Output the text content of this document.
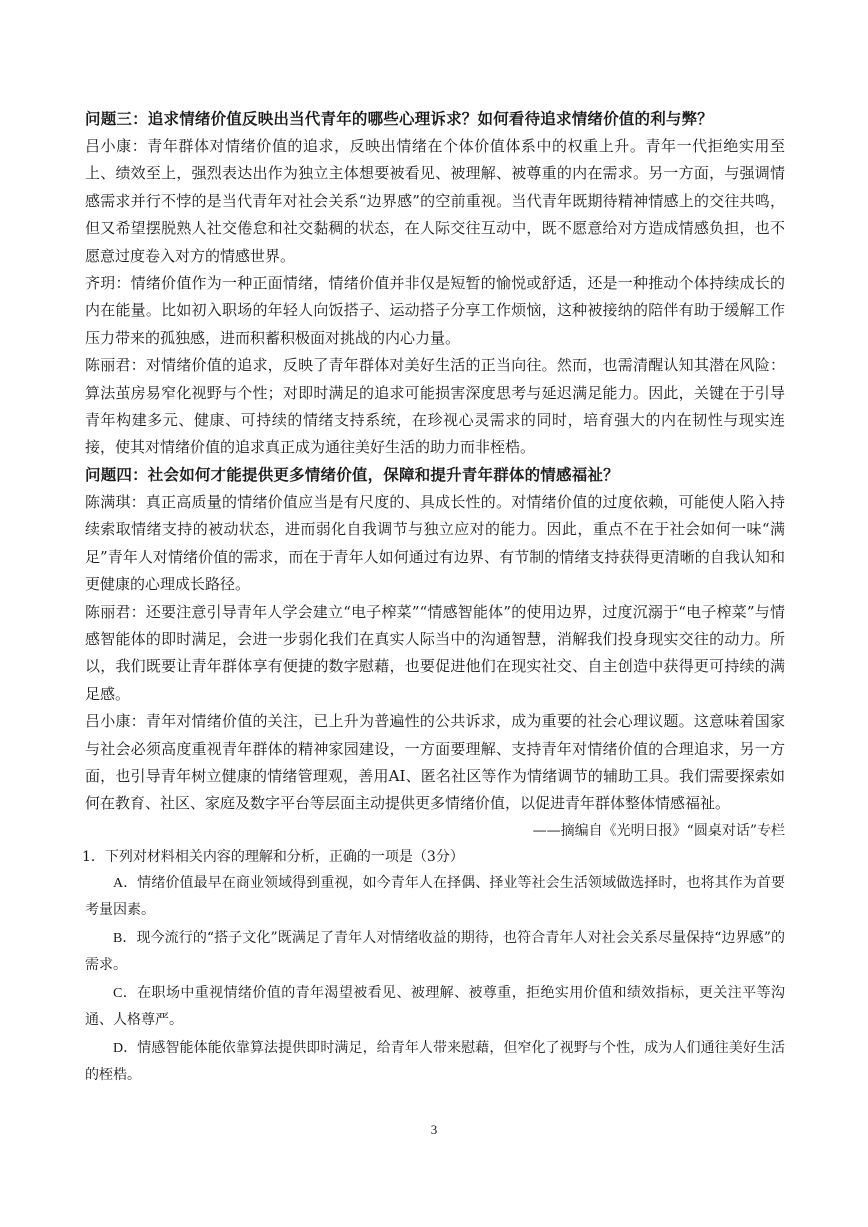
问题三：追求情绪价值反映出当代青年的哪些心理诉求？如何看待追求情绪价值的利与弊？

吕小康：青年群体对情绪价值的追求，反映出情绪在个体价值体系中的权重上升。青年一代拒绝实用至上、绩效至上，强烈表达出作为独立主体想要被看见、被理解、被尊重的内在需求。另一方面，与强调情感需求并行不悖的是当代青年对社会关系“边界感”的空前重视。当代青年既期待精神情感上的交往共鸣，但又希望摆脱熟人社交倦怠和社交黏稠的状态，在人际交往互动中，既不愿意给对方造成情感负担，也不愿意过度卷入对方的情感世界。

齐玥：情绪价值作为一种正面情绪，情绪价值并非仅是短暂的愉悦或舒适，还是一种推动个体持续成长的内在能量。比如初入职场的年轻人向饭搭子、运动搭子分享工作烦恼，这种被接纳的陪伴有助于缓解工作压力带来的孤独感，进而积蓄积极面对挑战的内心力量。

陈丽君：对情绪价值的追求，反映了青年群体对美好生活的正当向往。然而，也需清醒认知其潜在风险：算法茧房易窄化视野与个性；对即时满足的追求可能损害深度思考与延迟满足能力。因此，关键在于引导青年构建多元、健康、可持续的情绪支持系统，在珍视心灵需求的同时，培育强大的内在韧性与现实连接，使其对情绪价值的追求真正成为通往美好生活的助力而非桎梏。

问题四：社会如何才能提供更多情绪价值，保障和提升青年群体的情感福祉？

陈满琪：真正高质量的情绪价值应当是有尺度的、具成长性的。对情绪价值的过度依赖，可能使人陷入持续索取情绪支持的被动状态，进而弱化自我调节与独立应对的能力。因此，重点不在于社会如何一味“满足”青年人对情绪价值的需求，而在于青年人如何通过有边界、有节制的情绪支持获得更清晰的自我认知和更健康的心理成长路径。

陈丽君：还要注意引导青年人学会建立“电子榨菜”“情感智能体”的使用边界，过度沉溺于“电子榨菜”与情感智能体的即时满足，会进一步弱化我们在真实人际当中的沟通智慧，消解我们投身现实交往的动力。所以，我们既要让青年群体享有便捷的数字慰藉，也要促进他们在现实社交、自主创造中获得更可持续的满足感。

吕小康：青年对情绪价值的关注，已上升为普遍性的公共诉求，成为重要的社会心理议题。这意味着国家与社会必须高度重视青年群体的精神家园建设，一方面要理解、支持青年对情绪价值的合理追求，另一方面，也引导青年树立健康的情绪管理观，善用AI、匿名社区等作为情绪调节的辅助工具。我们需要探索如何在教育、社区、家庭及数字平台等层面主动提供更多情绪价值，以促进青年群体整体情感福祉。

——摘编自《光明日报》“圆桌对话”专栏

1．下列对材料相关内容的理解和分析，正确的一项是（3分）

A．情绪价值最早在商业领域得到重视，如今青年人在择偶、择业等社会生活领域做选择时，也将其作为首要考量因素。

B．现今流行的“搭子文化”既满足了青年人对情绪收益的期待，也符合青年人对社会关系尽量保持“边界感”的需求。

C．在职场中重视情绪价值的青年渴望被看见、被理解、被尊重，拒绝实用价值和绩效指标，更关注平等沟通、人格尊严。

D．情感智能体能依靠算法提供即时满足，给青年人带来慰藉，但窄化了视野与个性，成为人们通往美好生活的桎梏。

3
